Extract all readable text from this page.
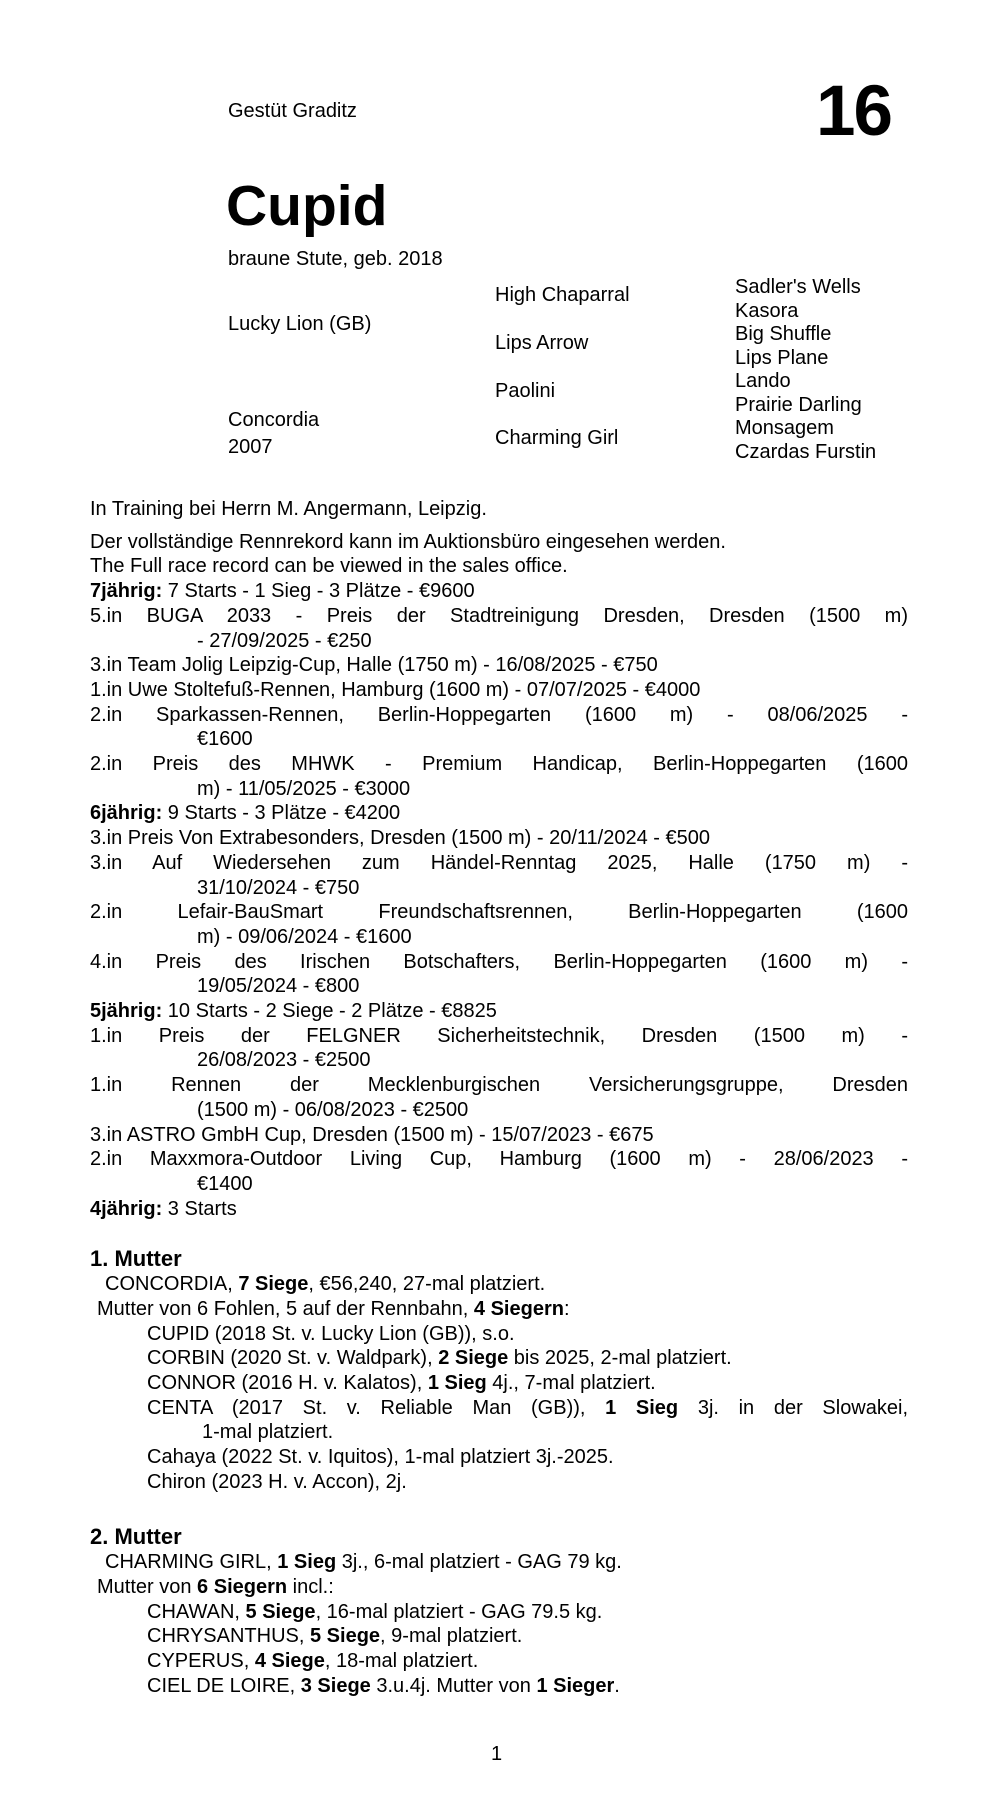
Gestüt Graditz	16
Cupid
braune Stute, geb. 2018
Lucky Lion (GB)
Concordia
2007
High Chaparral
Lips Arrow
Paolini
Charming Girl
Sadler's Wells
Kasora
Big Shuffle
Lips Plane
Lando
Prairie Darling
Monsagem
Czardas Furstin
In Training bei Herrn M. Angermann, Leipzig.
Der vollständige Rennrekord kann im Auktionsbüro eingesehen werden.
The Full race record can be viewed in the sales office.
7jährig: 7 Starts - 1 Sieg - 3 Plätze - €9600
5.in BUGA 2033 - Preis der Stadtreinigung Dresden, Dresden (1500 m)
- 27/09/2025 - €250
3.in Team Jolig Leipzig-Cup, Halle (1750 m) - 16/08/2025 - €750
1.in Uwe Stoltefuß-Rennen, Hamburg (1600 m) - 07/07/2025 - €4000
2.in Sparkassen-Rennen, Berlin-Hoppegarten (1600 m) - 08/06/2025 -
€1600
2.in Preis des MHWK - Premium Handicap, Berlin-Hoppegarten (1600
m) - 11/05/2025 - €3000
6jährig: 9 Starts - 3 Plätze - €4200
3.in Preis Von Extrabesonders, Dresden (1500 m) - 20/11/2024 - €500
3.in Auf Wiedersehen zum Händel-Renntag 2025, Halle (1750 m) -
31/10/2024 - €750
2.in Lefair-BauSmart Freundschaftsrennen, Berlin-Hoppegarten (1600
m) - 09/06/2024 - €1600
4.in Preis des Irischen Botschafters, Berlin-Hoppegarten (1600 m) -
19/05/2024 - €800
5jährig: 10 Starts - 2 Siege - 2 Plätze - €8825
1.in Preis der FELGNER Sicherheitstechnik, Dresden (1500 m) -
26/08/2023 - €2500
1.in Rennen der Mecklenburgischen Versicherungsgruppe, Dresden
(1500 m) - 06/08/2023 - €2500
3.in ASTRO GmbH Cup, Dresden (1500 m) - 15/07/2023 - €675
2.in Maxxmora-Outdoor Living Cup, Hamburg (1600 m) - 28/06/2023 -
€1400
4jährig: 3 Starts
1. Mutter
CONCORDIA, 7 Siege, €56,240, 27-mal platziert.
Mutter von 6 Fohlen, 5 auf der Rennbahn, 4 Siegern:
CUPID (2018 St. v. Lucky Lion (GB)), s.o.
CORBIN (2020 St. v. Waldpark), 2 Siege bis 2025, 2-mal platziert.
CONNOR (2016 H. v. Kalatos), 1 Sieg 4j., 7-mal platziert.
CENTA (2017 St. v. Reliable Man (GB)), 1 Sieg 3j. in der Slowakei,
1-mal platziert.
Cahaya (2022 St. v. Iquitos), 1-mal platziert 3j.-2025.
Chiron (2023 H. v. Accon), 2j.
2. Mutter
CHARMING GIRL, 1 Sieg 3j., 6-mal platziert - GAG 79 kg.
Mutter von 6 Siegern incl.:
CHAWAN, 5 Siege, 16-mal platziert - GAG 79.5 kg.
CHRYSANTHUS, 5 Siege, 9-mal platziert.
CYPERUS, 4 Siege, 18-mal platziert.
CIEL DE LOIRE, 3 Siege 3.u.4j. Mutter von 1 Sieger.
1
